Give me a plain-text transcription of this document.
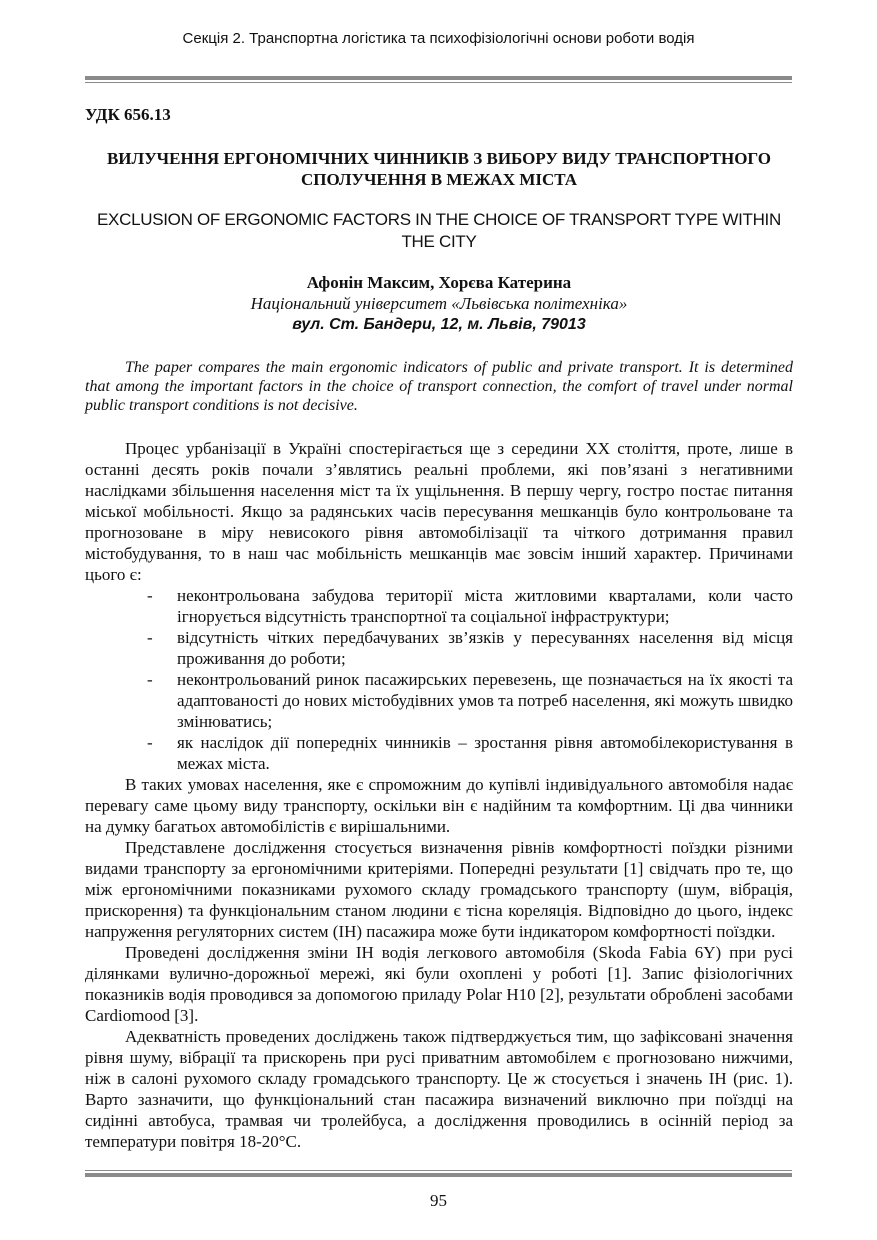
Секція 2. Транспортна логістика та психофізіологічні основи роботи водія

УДК 656.13

ВИЛУЧЕННЯ ЕРГОНОМІЧНИХ ЧИННИКІВ З ВИБОРУ ВИДУ ТРАНСПОРТНОГО СПОЛУЧЕННЯ В МЕЖАХ МІСТА

EXCLUSION OF ERGONOMIC FACTORS IN THE CHOICE OF TRANSPORT TYPE WITHIN THE CITY

Афонін Максим, Хорєва Катерина

Національний університет «Львівська політехніка»

вул. Ст. Бандери, 12, м. Львів, 79013

The paper compares the main ergonomic indicators of public and private transport. It is determined that among the important factors in the choice of transport connection, the comfort of travel under normal public transport conditions is not decisive.

Процес урбанізації в Україні спостерігається ще з середини ХХ століття, проте, лише в останні десять років почали з’являтись реальні проблеми, які пов’язані з негативними наслідками збільшення населення міст та їх ущільнення. В першу чергу, гостро постає питання міської мобільності. Якщо за радянських часів пересування мешканців було контрольоване та прогнозоване в міру невисокого рівня автомобілізації та чіткого дотримання правил містобудування, то в наш час мобільність мешканців має зовсім інший характер. Причинами цього є:

- неконтрольована забудова території міста житловими кварталами, коли часто ігнорується відсутність транспортної та соціальної інфраструктури;
- відсутність чітких передбачуваних зв’язків у пересуваннях населення від місця проживання до роботи;
- неконтрольований ринок пасажирських перевезень, ще позначається на їх якості та адаптованості до нових містобудівних умов та потреб населення, які можуть швидко змінюватись;
- як наслідок дії попередніх чинників – зростання рівня автомобілекористування в межах міста.

В таких умовах населення, яке є спроможним до купівлі індивідуального автомобіля надає перевагу саме цьому виду транспорту, оскільки він є надійним та комфортним. Ці два чинники на думку багатьох автомобілістів є вирішальними.

Представлене дослідження стосується визначення рівнів комфортності поїздки різними видами транспорту за ергономічними критеріями. Попередні результати [1] свідчать про те, що між ергономічними показниками рухомого складу громадського транспорту (шум, вібрація, прискорення) та функціональним станом людини є тісна кореляція. Відповідно до цього, індекс напруження регуляторних систем (ІН) пасажира може бути індикатором комфортності поїздки.

Проведені дослідження зміни ІН водія легкового автомобіля (Skoda Fabia 6Y) при русі ділянками вулично-дорожньої мережі, які були охоплені у роботі [1]. Запис фізіологічних показників водія проводився за допомогою приладу Polar H10 [2], результати оброблені засобами Cardiomood [3].

Адекватність проведених досліджень також підтверджується тим, що зафіксовані значення рівня шуму, вібрації та прискорень при русі приватним автомобілем є прогнозовано нижчими, ніж в салоні рухомого складу громадського транспорту. Це ж стосується і значень ІН (рис. 1). Варто зазначити, що функціональний стан пасажира визначений виключно при поїздці на сидінні автобуса, трамвая чи тролейбуса, а дослідження проводились в осінній період за температури повітря 18-20°С.

95
